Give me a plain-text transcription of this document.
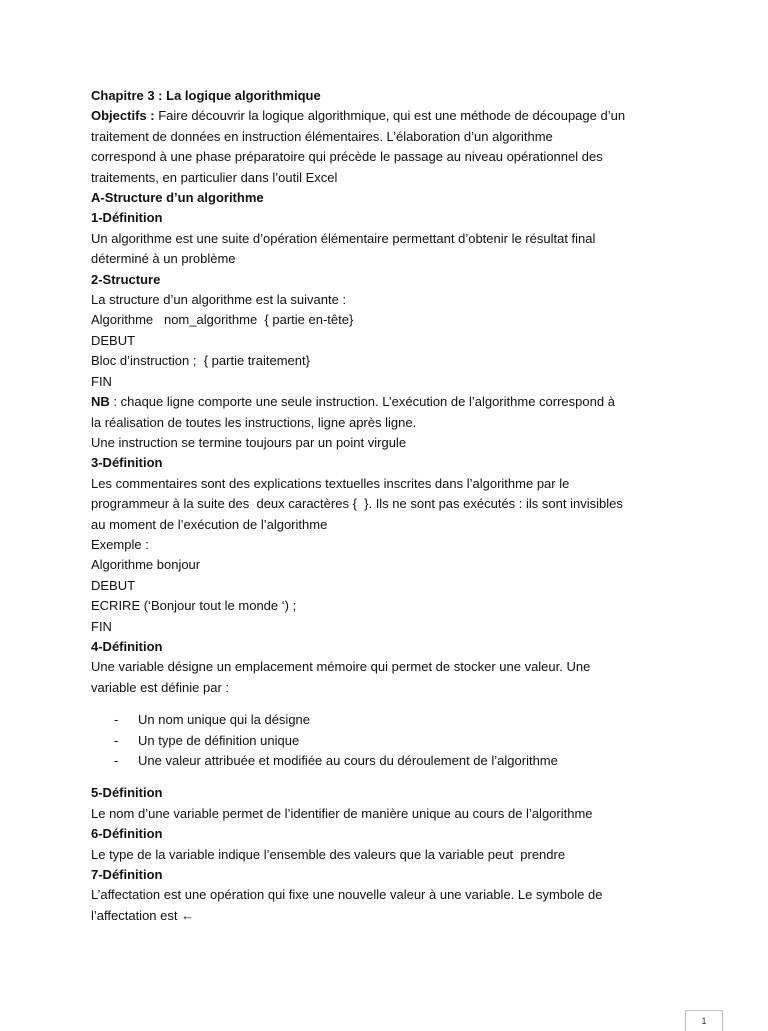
Chapitre 3 : La logique algorithmique
Objectifs : Faire découvrir la logique algorithmique, qui est une méthode de découpage d’un
traitement de données en instruction élémentaires. L’élaboration d’un algorithme
correspond à une phase préparatoire qui précède le passage au niveau opérationnel des
traitements, en particulier dans l’outil Excel
A-Structure d’un algorithme
1-Définition
Un algorithme est une suite d’opération élémentaire permettant d’obtenir le résultat final
déterminé à un problème
2-Structure
La structure d’un algorithme est la suivante :
Algorithme   nom_algorithme  { partie en-tête}
DEBUT
Bloc d’instruction ;  { partie traitement}
FIN
NB : chaque ligne comporte une seule instruction. L’exécution de l’algorithme correspond à
la réalisation de toutes les instructions, ligne après ligne.
Une instruction se termine toujours par un point virgule
3-Définition
Les commentaires sont des explications textuelles inscrites dans l’algorithme par le
programmeur à la suite des  deux caractères {  }. Ils ne sont pas exécutés : ils sont invisibles
au moment de l’exécution de l’algorithme
Exemple :
Algorithme bonjour
DEBUT
ECRIRE (‘Bonjour tout le monde ‘) ;
FIN
4-Définition
Une variable désigne un emplacement mémoire qui permet de stocker une valeur. Une
variable est définie par :
- Un nom unique qui la désigne
- Un type de définition unique
- Une valeur attribuée et modifiée au cours du déroulement de l’algorithme
5-Définition
Le nom d’une variable permet de l’identifier de manière unique au cours de l’algorithme
6-Définition
Le type de la variable indique l’ensemble des valeurs que la variable peut  prendre
7-Définition
L’affectation est une opération qui fixe une nouvelle valeur à une variable. Le symbole de
l’affectation est ←
1
